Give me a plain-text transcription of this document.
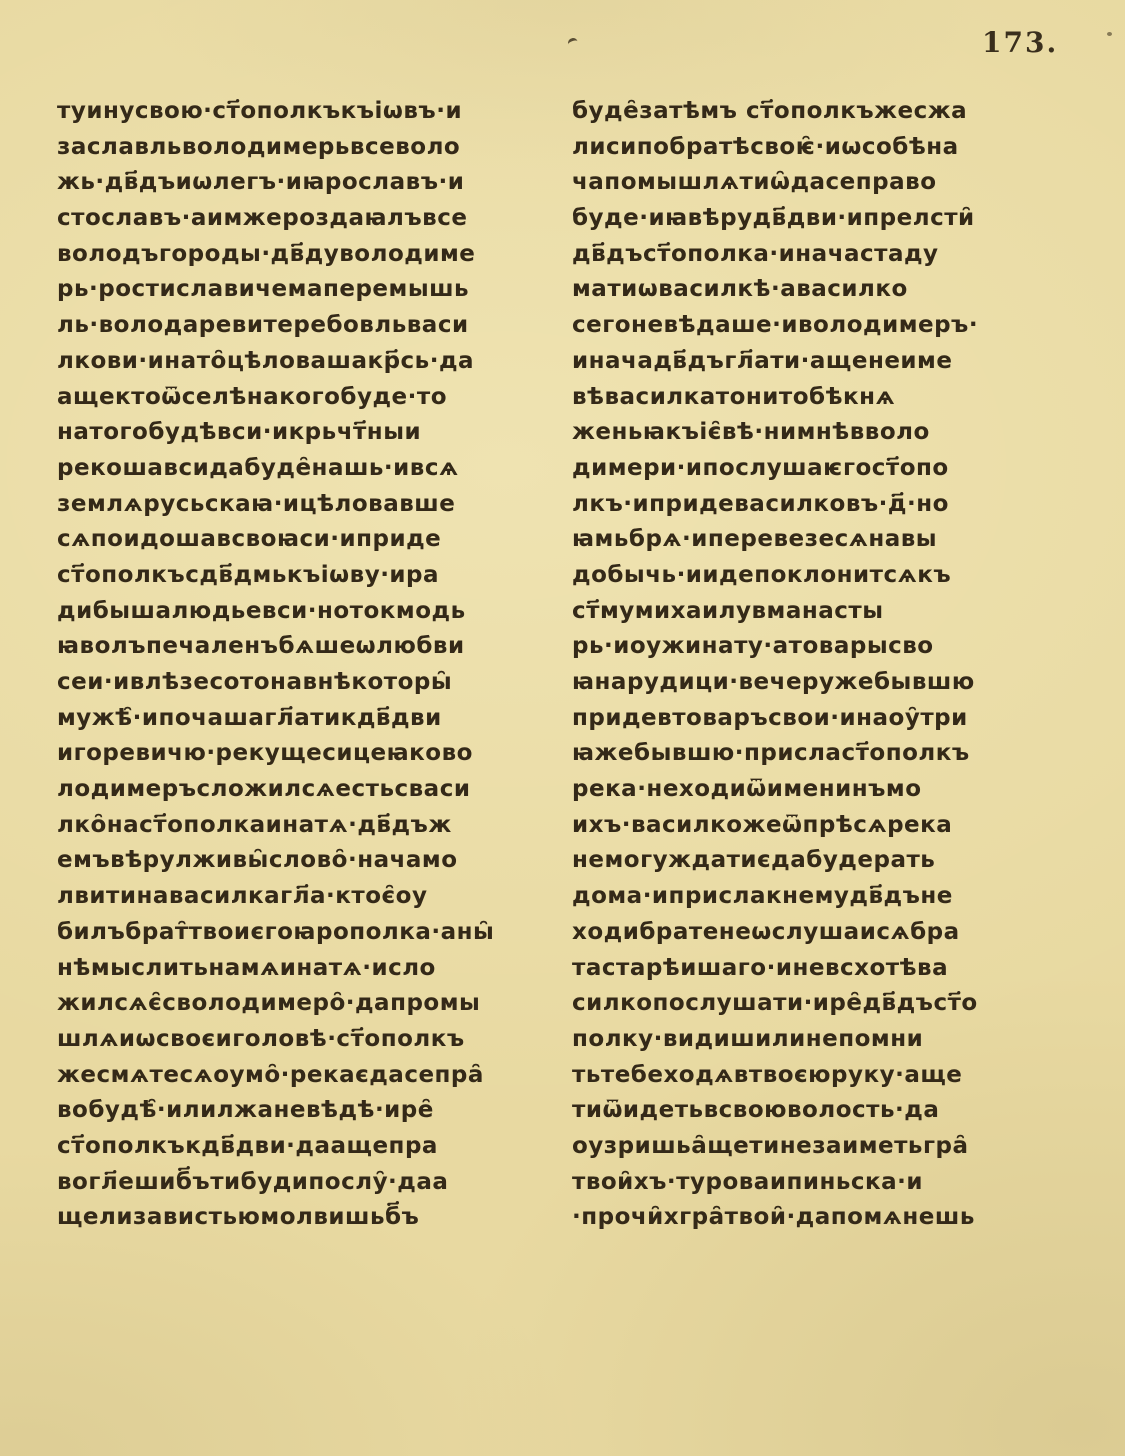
173.
туинусвою·ст҃ополкъкъіѡвъ·и
заславльволодимерьвсеволо
жь·дв҃дъиѡлегъ·иꙗрославъ·и
стославъ·аимжероздаꙗлъвсе
володъгороды·дв҃дуволодиме
рь·ростиславичемаперемышь
ль·володаревитеребовльваси
лкови·инато̑цѣловашакр҃сь·да
ащектоѿселѣнакогобуде·то
натогобудѣвси·икрьчт҃ныи
рекошавсидабуде̑нашь·ивсѧ
землѧрусьскаꙗ·ицѣловавше
сѧпоидошавсвоꙗси·иприде
ст҃ополкъсдв҃дмькъіѡву·ира
дибышалюдьевси·нотокмодь
ꙗволъпечаленъбѧшеѡлюбви
сеи·ивлѣзесотонавнѣкоторы̑
мужѣ̑·ипочашагл҃атикдв҃дви
игоревичю·рекущесицеꙗково
лодимеръсложилсѧестьсваси
лко̑наст҃ополкаинатѧ·дв҃дъж
емъвѣрулживы̑слово̑·начамо
лвитинавасилкагл҃а·ктоє̑оу
билъбрат̑твоиєгоꙗрополка·аны̑
нѣмыслитьнамѧинатѧ·исло
жилсѧє̑сволодимеро̑·дапромы
шлѧиѡсвоєиголовѣ·ст҃ополкъ
жесмѧтесѧоумо̑·рекаєдасепра̑
вобудѣ̑·илилжаневѣдѣ·ире̑
ст҃ополкъкдв҃дви·даащепра
вогл҃ешиб҃ътибудипослу̑·даа
щелизавистьюмолвишьб҃ъ
буде̑затѣмъ ст҃ополкъжесжа
лисипобратѣсвоѥ̑·иѡсобѣна
чапомышлѧтиѡ̑дасеправо
буде·иꙗвѣрудв҃дви·ипрелсти̑
дв҃дъст҃ополка·иначастаду
матиѡвасилкѣ·авасилко
сегоневѣдаше·иволодимеръ·
иначадв҃дъгл҃ати·ащенеиме
вѣвасилкатонитобѣкнѧ
женьꙗкъіє̑вѣ·нимнѣвволо
димери·ипослушаѥгост҃опо
лкъ·ипридевасилковъ·д҃·но
ꙗмьбрѧ·иперевезесѧнавы
добычь·иидепоклонитсѧкъ
ст҃мумихаилувманасты
рь·иоужинату·атоварысво
ꙗнарудици·вечеружебывшю
придевтоваръсвои·инаоу̑три
ꙗжебывшю·присласт҃ополкъ
река·неходиѿименинъмо
ихъ·василкожеѿпрѣсѧрека
немогуждатиєдабудерать
дома·иприслакнемудв҃дъне
ходибратенеѡслушаисѧбра
тастарѣишаго·иневсхотѣва
силкопослушати·ире̑дв҃дъст҃о
полку·видишилинепомни
тьтебеходѧвтвоєюруку·аще
тиѿидетьвсвоюволость·да
оузришьа̑щетинезаиметьгра̑
твои̑хъ·туроваипиньска·и
·прочи̑хгра̑твои̑·дапомѧнешь
